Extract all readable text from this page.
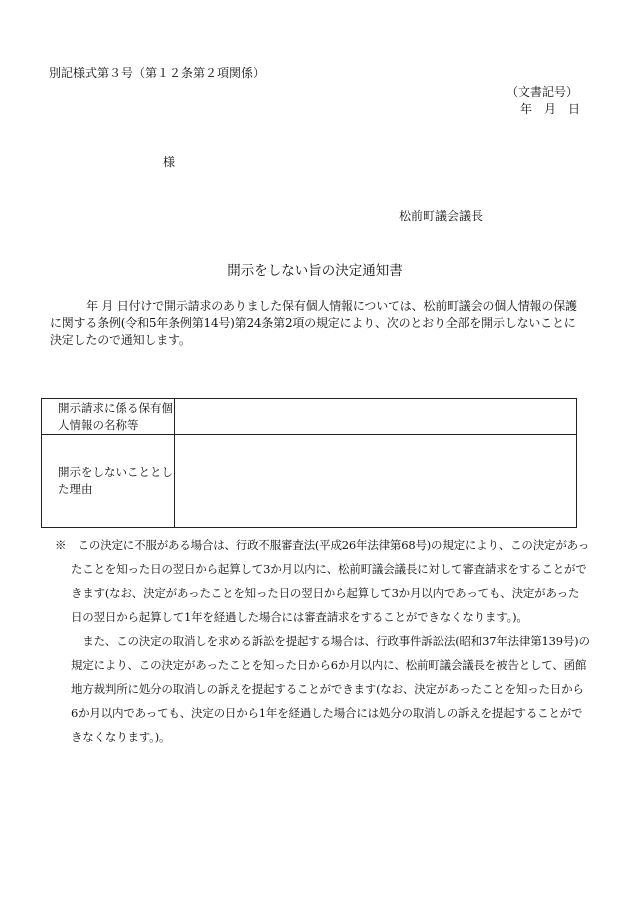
別記様式第３号（第１２条第２項関係）
（文書記号）
年　月　日
様
松前町議会議長
開示をしない旨の決定通知書
年 月 日付けで開示請求のありました保有個人情報については、松前町議会の個人情報の保護に関する条例(令和5年条例第14号)第24条第2項の規定により、次のとおり全部を開示しないことに決定したので通知します。
開示請求に係る保有個人情報の名称等	
開示をしないこととした理由	
※　この決定に不服がある場合は、行政不服審査法(平成26年法律第68号)の規定により、この決定があったことを知った日の翌日から起算して3か月以内に、松前町議会議長に対して審査請求をすることができます(なお、決定があったことを知った日の翌日から起算して3か月以内であっても、決定があった日の翌日から起算して1年を経過した場合には審査請求をすることができなくなります。)。
　また、この決定の取消しを求める訴訟を提起する場合は、行政事件訴訟法(昭和37年法律第139号)の規定により、この決定があったことを知った日から6か月以内に、松前町議会議長を被告として、函館地方裁判所に処分の取消しの訴えを提起することができます(なお、決定があったことを知った日から6か月以内であっても、決定の日から1年を経過した場合には処分の取消しの訴えを提起することができなくなります。)。
